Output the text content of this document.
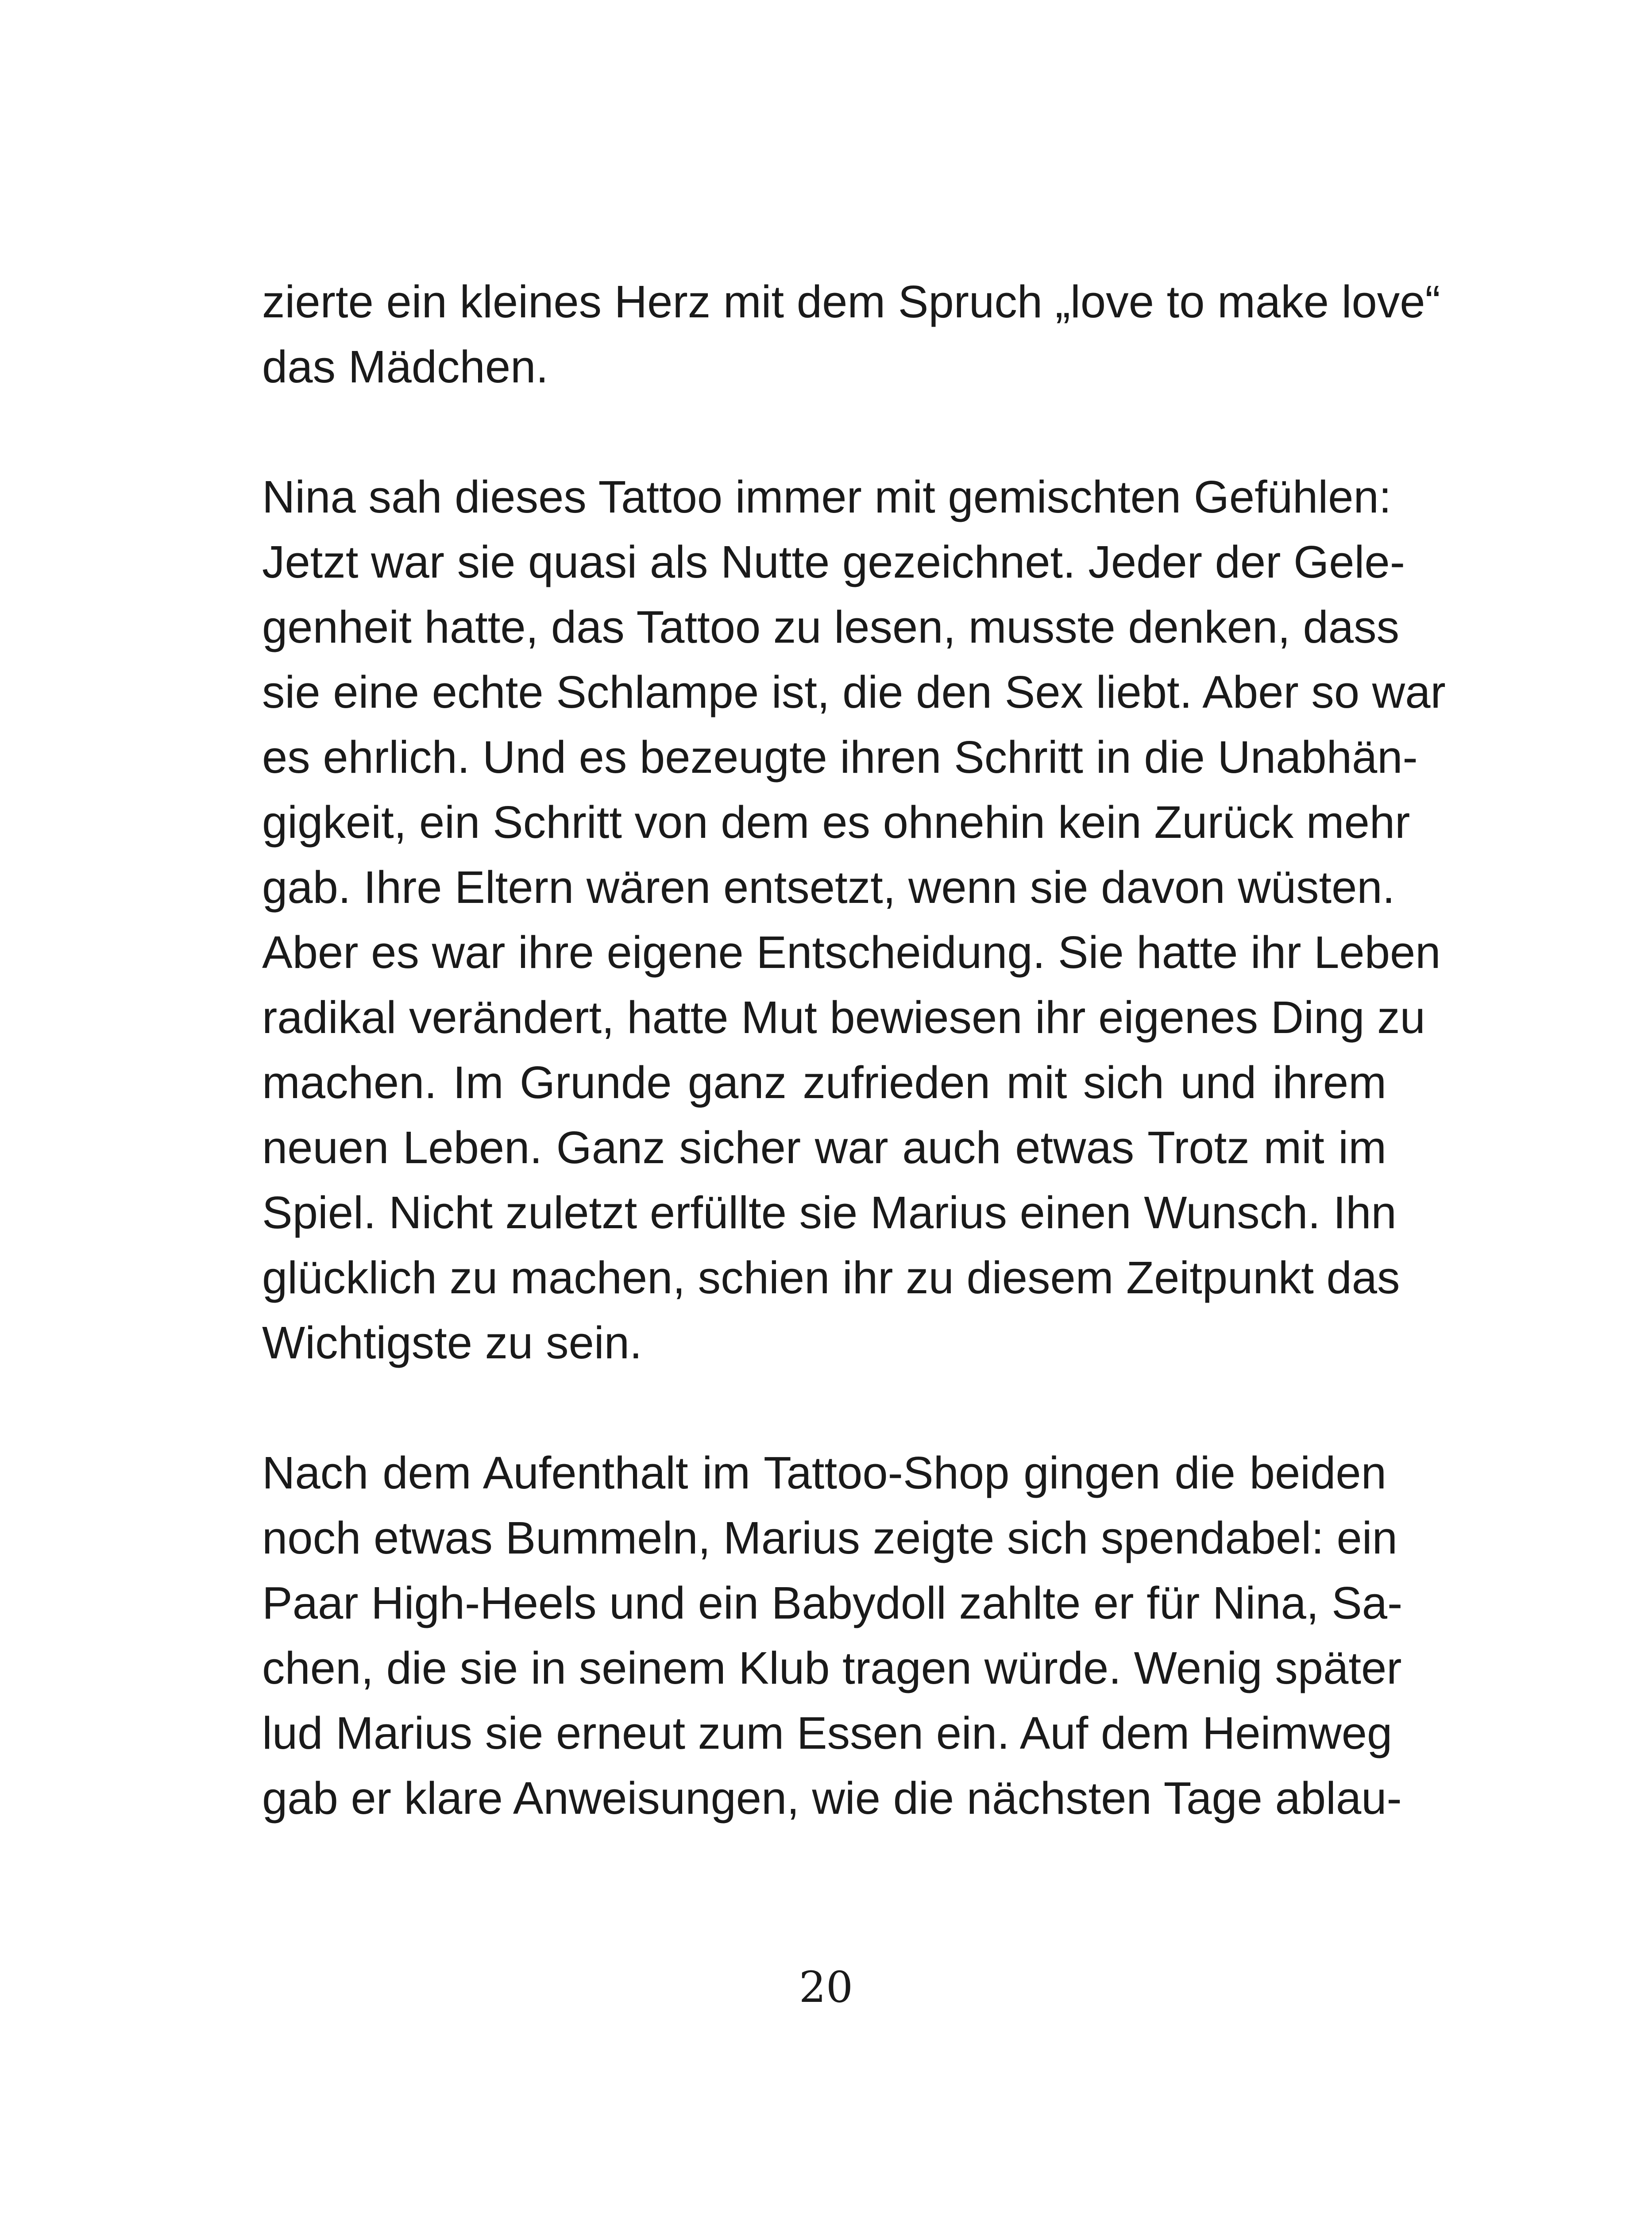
zierte ein kleines Herz mit dem Spruch „love to make love“
das Mädchen.

Nina sah dieses Tattoo immer mit gemischten Gefühlen:
Jetzt war sie quasi als Nutte gezeichnet. Jeder der Gele-
genheit hatte, das Tattoo zu lesen, musste denken, dass
sie eine echte Schlampe ist, die den Sex liebt. Aber so war
es ehrlich. Und es bezeugte ihren Schritt in die Unabhän-
gigkeit, ein Schritt von dem es ohnehin kein Zurück mehr
gab. Ihre Eltern wären entsetzt, wenn sie davon wüsten.
Aber es war ihre eigene Entscheidung. Sie hatte ihr Leben
radikal verändert, hatte Mut bewiesen ihr eigenes Ding zu
machen. Im Grunde ganz zufrieden mit sich und ihrem
neuen Leben. Ganz sicher war auch etwas Trotz mit im
Spiel. Nicht zuletzt erfüllte sie Marius einen Wunsch. Ihn
glücklich zu machen, schien ihr zu diesem Zeitpunkt das
Wichtigste zu sein.

Nach dem Aufenthalt im Tattoo-Shop gingen die beiden
noch etwas Bummeln, Marius zeigte sich spendabel: ein
Paar High-Heels und ein Babydoll zahlte er für Nina, Sa-
chen, die sie in seinem Klub tragen würde. Wenig später
lud Marius sie erneut zum Essen ein. Auf dem Heimweg
gab er klare Anweisungen, wie die nächsten Tage ablau-

20
